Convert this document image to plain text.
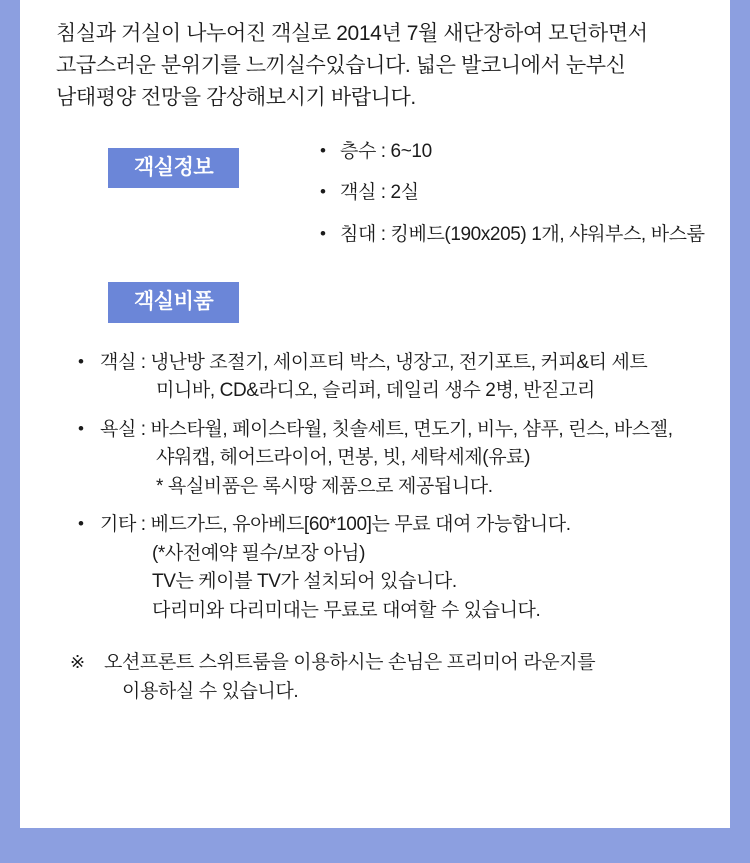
침실과 거실이 나누어진 객실로 2014년 7월 새단장하여 모던하면서
고급스러운 분위기를 느끼실수있습니다. 넓은 발코니에서 눈부신
남태평양 전망을 감상해보시기 바랍니다.
객실정보
• 층수 : 6~10
• 객실 : 2실
• 침대 : 킹베드(190x205) 1개, 샤워부스, 바스룸
객실비품
• 객실 : 냉난방 조절기, 세이프티 박스, 냉장고, 전기포트, 커피&티 세트
미니바, CD&라디오, 슬리퍼, 데일리 생수 2병, 반짇고리
• 욕실 : 바스타월, 페이스타월, 칫솔세트, 면도기, 비누, 샴푸, 린스, 바스젤,
샤워캡, 헤어드라이어, 면봉, 빗, 세탁세제(유료)
* 욕실비품은 록시땅 제품으로 제공됩니다.
• 기타 : 베드가드, 유아베드[60*100]는 무료 대여 가능합니다.
(*사전예약 필수/보장 아님)
TV는 케이블 TV가 설치되어 있습니다.
다리미와 다리미대는 무료로 대여할 수 있습니다.
※ 오션프론트 스위트룸을 이용하시는 손님은 프리미어 라운지를
이용하실 수 있습니다.
